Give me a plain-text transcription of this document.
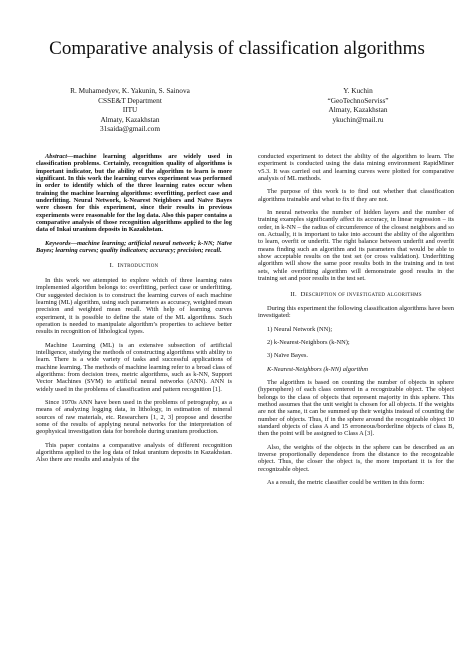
Comparative analysis of classification algorithms
R. Muhamedyev, K. Yakunin, S. Sainova
CSSE&T Department
IITU
Almaty, Kazakhstan
31saida@gmail.com
Y. Kuchin
“GeoTechnoServiss”
Almaty, Kazakhstan
ykuchin@mail.ru

Abstract—machine learning algorithms are widely used in classification problems. Certainly, recognition quality of algorithms is important indicator, but the ability of the algorithm to learn is more significant. In this work the learning curves experiment was performed in order to identify which of the three learning rates occur when training the machine learning algorithms: overfitting, perfect case and underfitting. Neural Network, k-Nearest Neighbors and Naïve Bayes were chosen for this experiment, since their results in previous experiments were reasonable for the log data. Also this paper contains a comparative analysis of those recognition algorithms applied to the log data of Inkai uranium deposits in Kazakhstan.

Keywords—machine learning; artificial neural network; k-NN; Naïve Bayes; learning curves; quality indicators; accuracy; precision; recall.

I. Introduction

In this work we attempted to explore which of three learning rates implemented algorithm belongs to: overfitting, perfect case or underfitting. Our suggested decision is to construct the learning curves of each machine learning (ML) algorithm, using such parameters as accuracy, weighted mean precision and weighted mean recall. With help of learning curves experiment, it is possible to define the state of the ML algorithms. Such operation is needed to manipulate algorithm’s properties to achieve better results in recognition of lithological types.

Machine Learning (ML) is an extensive subsection of artificial intelligence, studying the methods of constructing algorithms with ability to learn. There is a wide variety of tasks and successful applications of machine learning. The methods of machine learning refer to a broad class of algorithms: from decision trees, metric algorithms, such as k-NN, Support Vector Machines (SVM) to artificial neural networks (ANN). ANN is widely used in the problems of classification and pattern recognition [1].

Since 1970s ANN have been used in the problems of petrography, as a means of analyzing logging data, in lithology, in estimation of mineral sources of raw materials, etc. Researchers [1, 2, 3] propose and describe some of the results of applying neural networks for the interpretation of geophysical investigation data for borehole during uranium production.

This paper contains a comparative analysis of different recognition algorithms applied to the log data of Inkai uranium deposits in Kazakhstan. Also there are results and analysis of the

conducted experiment to detect the ability of the algorithm to learn. The experiment is conducted using the data mining environment RapidMiner v5.3. It was carried out and learning curves were plotted for comparative analysis of ML methods.

The purpose of this work is to find out whether that classification algorithms trainable and what to fix if they are not.

In neural networks the number of hidden layers and the number of training examples significantly affect its accuracy, in linear regression – its order, in k-NN – the radius of circumference of the closest neighbors and so on. Actually, it is important to take into account the ability of the algorithm to learn, overfit or underfit. The right balance between underfit and overfit means finding such an algorithm and its parameters that would be able to show acceptable results on the test set (or cross validation). Underfitting algorithm will show the same poor results both in the training and in test sets, while overfitting algorithm will demonstrate good results in the training set and poor results in the test set.

II. Description of investigated algorithms

During this experiment the following classification algorithms have been investigated:

1) Neural Network (NN);

2) k-Nearest-Neighbors (k-NN);

3) Naïve Bayes.

K-Nearest-Neighbors (k-NN) algorithm

The algorithm is based on counting the number of objects in sphere (hypersphere) of each class centered in a recognizable object. The object belongs to the class of objects that represent majority in this sphere. This method assumes that the unit weight is chosen for all objects. If the weights are not the same, it can be summed up their weights instead of counting the number of objects. Thus, if in the sphere around the recognizable object 10 standard objects of class A and 15 erroneous/borderline objects of class B, then the point will be assigned to Class A [3].

Also, the weights of the objects in the sphere can be described as an inverse proportionally dependence from the distance to the recognizable object. Thus, the closer the object is, the more important it is for the recognizable object.

As a result, the metric classifier could be written in this form:
